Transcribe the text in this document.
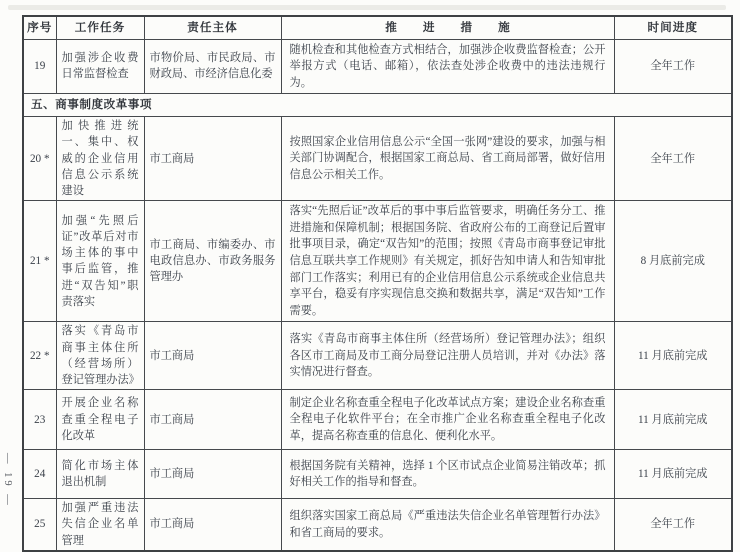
— 19 —
序号	工作任务	责任主体	推进措施	时间进度
19	加强涉企收费日常监督检查	市物价局、市民政局、市财政局、市经济信息化委	随机检查和其他检查方式相结合，加强涉企收费监督检查；公开举报方式（电话、邮箱），依法查处涉企收费中的违法违规行为。	全年工作
五、商事制度改革事项				
20 *	加快推进统一、集中、权威的企业信用信息公示系统建设	市工商局	按照国家企业信用信息公示“全国一张网”建设的要求，加强与相关部门协调配合，根据国家工商总局、省工商局部署，做好信用信息公示相关工作。	全年工作
21 *	加强“先照后证”改革后对市场主体的事中事后监管，推进“双告知”职责落实	市工商局、市编委办、市电政信息办、市政务服务管理办	落实“先照后证”改革后的事中事后监管要求，明确任务分工、推进措施和保障机制；根据国务院、省政府公布的工商登记后置审批事项目录，确定“双告知”的范围；按照《青岛市商事登记审批信息互联共享工作规则》有关规定，抓好告知申请人和告知审批部门工作落实；利用已有的企业信用信息公示系统或企业信息共享平台，稳妥有序实现信息交换和数据共享，满足“双告知”工作需要。	8 月底前完成
22 *	落实《青岛市商事主体住所（经营场所）登记管理办法》	市工商局	落实《青岛市商事主体住所（经营场所）登记管理办法》；组织各区市工商局及市工商分局登记注册人员培训，并对《办法》落实情况进行督查。	11 月底前完成
23	开展企业名称查重全程电子化改革	市工商局	制定企业名称查重全程电子化改革试点方案；建设企业名称查重全程电子化软件平台；在全市推广企业名称查重全程电子化改革，提高名称查重的信息化、便利化水平。	11 月底前完成
24	简化市场主体退出机制	市工商局	根据国务院有关精神，选择 1 个区市试点企业简易注销改革；抓好相关工作的指导和督查。	11 月底前完成
25	加强严重违法失信企业名单管理	市工商局	组织落实国家工商总局《严重违法失信企业名单管理暂行办法》和省工商局的要求。	全年工作
